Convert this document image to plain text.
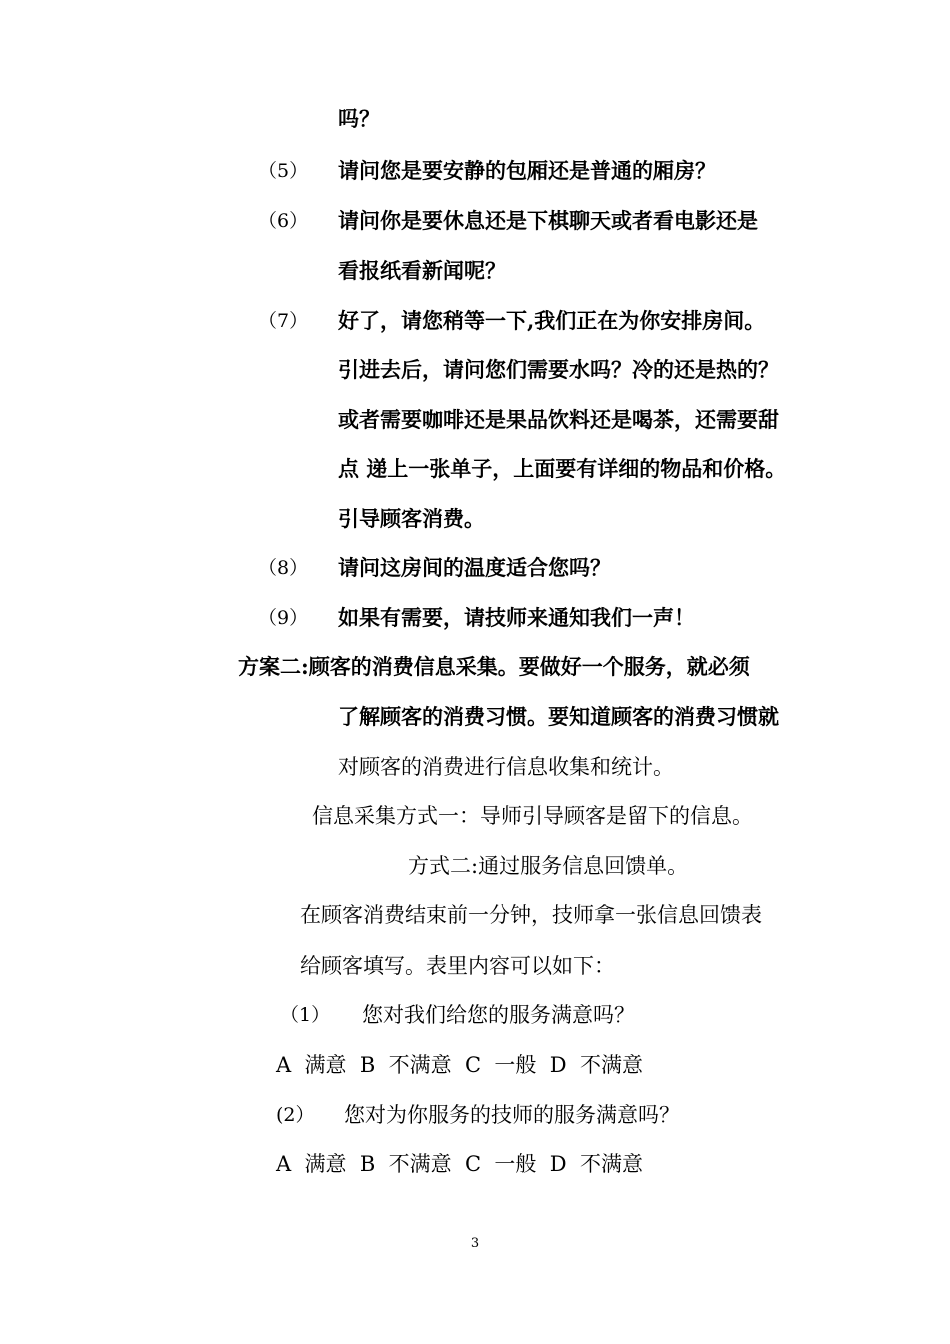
吗？
（5） 请问您是要安静的包厢还是普通的厢房？
（6） 请问你是要休息还是下棋聊天或者看电影还是
看报纸看新闻呢？
（7） 好了，请您稍等一下,我们正在为你安排房间。
引进去后，请问您们需要水吗？冷的还是热的？
或者需要咖啡还是果品饮料还是喝茶，还需要甜
点 递上一张单子，上面要有详细的物品和价格。
引导顾客消费。
（8） 请问这房间的温度适合您吗？
（9） 如果有需要，请技师来通知我们一声！
方案二:顾客的消费信息采集。要做好一个服务，就必须
了解顾客的消费习惯。要知道顾客的消费习惯就
对顾客的消费进行信息收集和统计。
信息采集方式一：导师引导顾客是留下的信息。
方式二:通过服务信息回馈单。
在顾客消费结束前一分钟，技师拿一张信息回馈表
给顾客填写。表里内容可以如下：
（1） 您对我们给您的服务满意吗？
A  满意  B  不满意  C  一般  D  不满意
(2） 您对为你服务的技师的服务满意吗？
A  满意  B  不满意  C  一般  D  不满意
3
